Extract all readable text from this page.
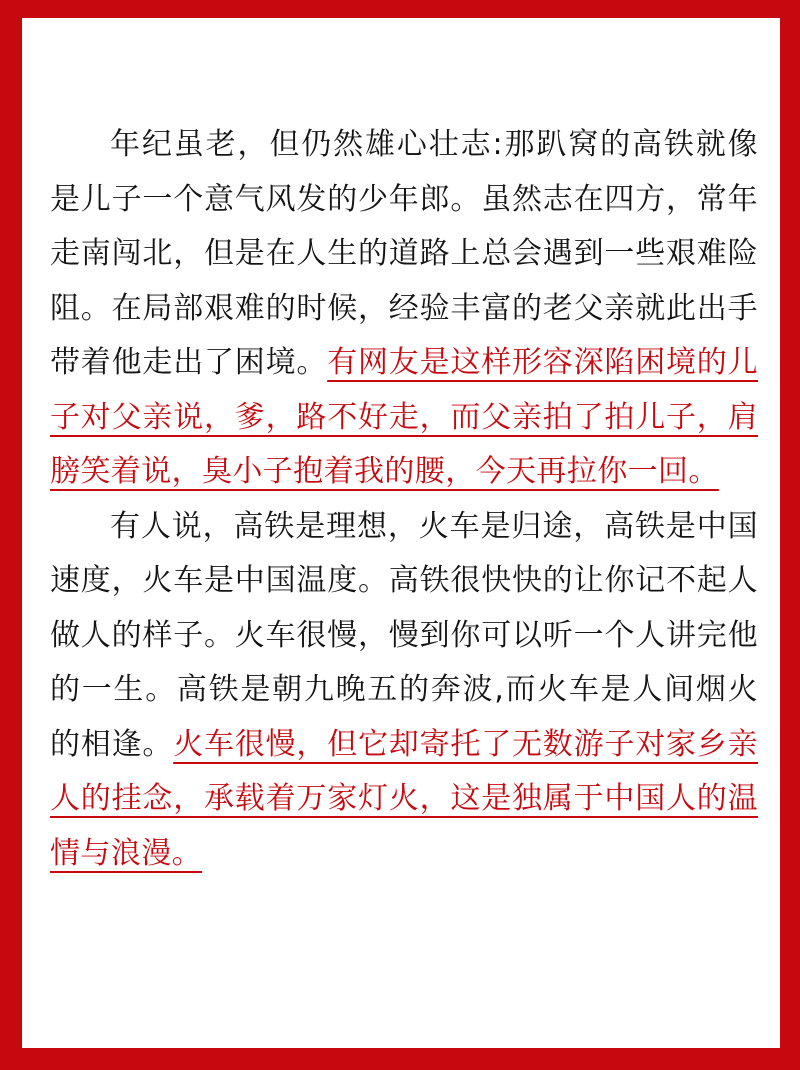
年纪虽老，但仍然雄心壮志:那趴窝的高铁就像是儿子一个意气风发的少年郎。虽然志在四方，常年走南闯北，但是在人生的道路上总会遇到一些艰难险阻。在局部艰难的时候，经验丰富的老父亲就此出手带着他走出了困境。有网友是这样形容深陷困境的儿子对父亲说，爹，路不好走，而父亲拍了拍儿子，肩膀笑着说，臭小子抱着我的腰，今天再拉你一回。

有人说，高铁是理想，火车是归途，高铁是中国速度，火车是中国温度。高铁很快快的让你记不起人做人的样子。火车很慢，慢到你可以听一个人讲完他的一生。高铁是朝九晚五的奔波,而火车是人间烟火的相逢。火车很慢，但它却寄托了无数游子对家乡亲人的挂念，承载着万家灯火，这是独属于中国人的温情与浪漫。
